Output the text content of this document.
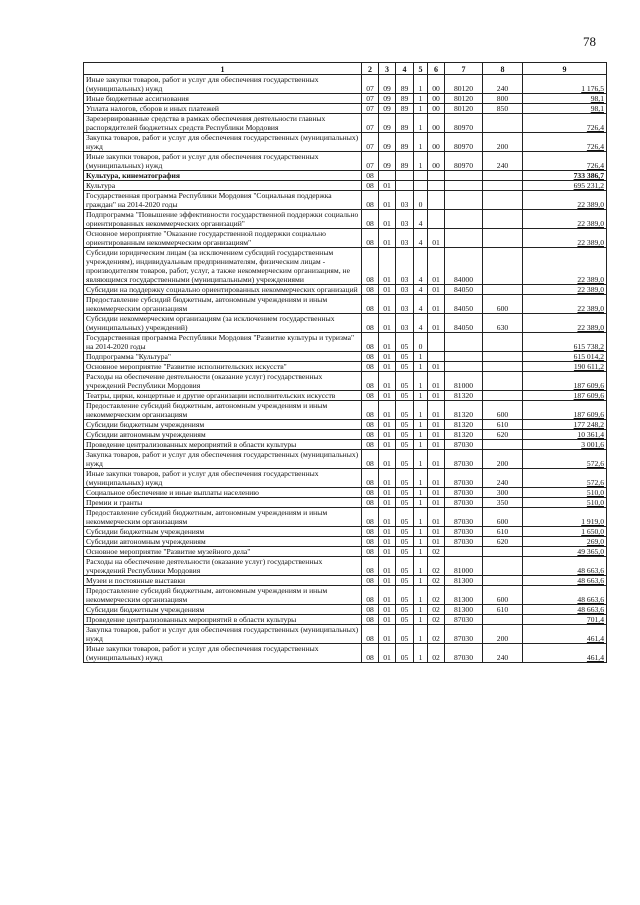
78
1	2	3	4	5	6	7	8	9
Иные закупки товаров, работ и услуг для обеспечения государственных (муниципальных) нужд	07	09	89	1	00	80120	240	1 176,5
Иные бюджетные ассигнования	07	09	89	1	00	80120	800	98,1
Уплата налогов, сборов и иных платежей	07	09	89	1	00	80120	850	98,1
Зарезервированные средства в рамках обеспечения деятельности главных распорядителей бюджетных средств Республики Мордовия	07	09	89	1	00	80970		726,4
Закупка товаров, работ и услуг для обеспечения государственных (муниципальных) нужд	07	09	89	1	00	80970	200	726,4
Иные закупки товаров, работ и услуг для обеспечения государственных (муниципальных) нужд	07	09	89	1	00	80970	240	726,4
Культура, кинематография	08							733 386,7
Культура	08	01						695 231,2
Государственная программа Республики Мордовия "Социальная поддержка граждан" на 2014-2020 годы	08	01	03	0				22 389,0
Подпрограмма "Повышение эффективности государственной поддержки социально ориентированных некоммерческих организаций"	08	01	03	4				22 389,0
Основное мероприятие "Оказание государственной поддержки социально ориентированным некоммерческим организациям"	08	01	03	4	01			22 389,0
Субсидии юридическим лицам (за исключением субсидий государственным учреждениям), индивидуальным предпринимателям, физическим лицам - производителям товаров, работ, услуг, а также некоммерческим организациям, не являющимся государственными (муниципальными) учреждениями	08	01	03	4	01	84000		22 389,0
Субсидии на поддержку социально ориентированных некоммерческих организаций	08	01	03	4	01	84050		22 389,0
Предоставление субсидий бюджетным, автономным учреждениям и иным некоммерческим организациям	08	01	03	4	01	84050	600	22 389,0
Субсидии некоммерческим организациям (за исключением государственных (муниципальных) учреждений)	08	01	03	4	01	84050	630	22 389,0
Государственная программа Республики Мордовия "Развитие культуры и туризма" на 2014-2020 годы	08	01	05	0				615 738,2
Подпрограмма "Культура"	08	01	05	1				615 014,2
Основное мероприятие "Развитие исполнительских искусств"	08	01	05	1	01			190 611,2
Расходы на обеспечение деятельности (оказание услуг) государственных учреждений Республики Мордовия	08	01	05	1	01	81000		187 609,6
Театры, цирки, концертные и другие организации исполнительских искусств	08	01	05	1	01	81320		187 609,6
Предоставление субсидий бюджетным, автономным учреждениям и иным некоммерческим организациям	08	01	05	1	01	81320	600	187 609,6
Субсидии бюджетным учреждениям	08	01	05	1	01	81320	610	177 248,2
Субсидии автономным учреждениям	08	01	05	1	01	81320	620	10 361,4
Проведение централизованных мероприятий в области культуры	08	01	05	1	01	87030		3 001,6
Закупка товаров, работ и услуг для обеспечения государственных (муниципальных) нужд	08	01	05	1	01	87030	200	572,6
Иные закупки товаров, работ и услуг для обеспечения государственных (муниципальных) нужд	08	01	05	1	01	87030	240	572,6
Социальное обеспечение и иные выплаты населению	08	01	05	1	01	87030	300	510,0
Премии и гранты	08	01	05	1	01	87030	350	510,0
Предоставление субсидий бюджетным, автономным учреждениям и иным некоммерческим организациям	08	01	05	1	01	87030	600	1 919,0
Субсидии бюджетным учреждениям	08	01	05	1	01	87030	610	1 650,0
Субсидии автономным учреждениям	08	01	05	1	01	87030	620	269,0
Основное мероприятие "Развитие музейного дела"	08	01	05	1	02			49 365,0
Расходы на обеспечение деятельности (оказание услуг) государственных учреждений Республики Мордовия	08	01	05	1	02	81000		48 663,6
Музеи и постоянные выставки	08	01	05	1	02	81300		48 663,6
Предоставление субсидий бюджетным, автономным учреждениям и иным некоммерческим организациям	08	01	05	1	02	81300	600	48 663,6
Субсидии бюджетным учреждениям	08	01	05	1	02	81300	610	48 663,6
Проведение централизованных мероприятий в области культуры	08	01	05	1	02	87030		701,4
Закупка товаров, работ и услуг для обеспечения государственных (муниципальных) нужд	08	01	05	1	02	87030	200	461,4
Иные закупки товаров, работ и услуг для обеспечения государственных (муниципальных) нужд	08	01	05	1	02	87030	240	461,4
